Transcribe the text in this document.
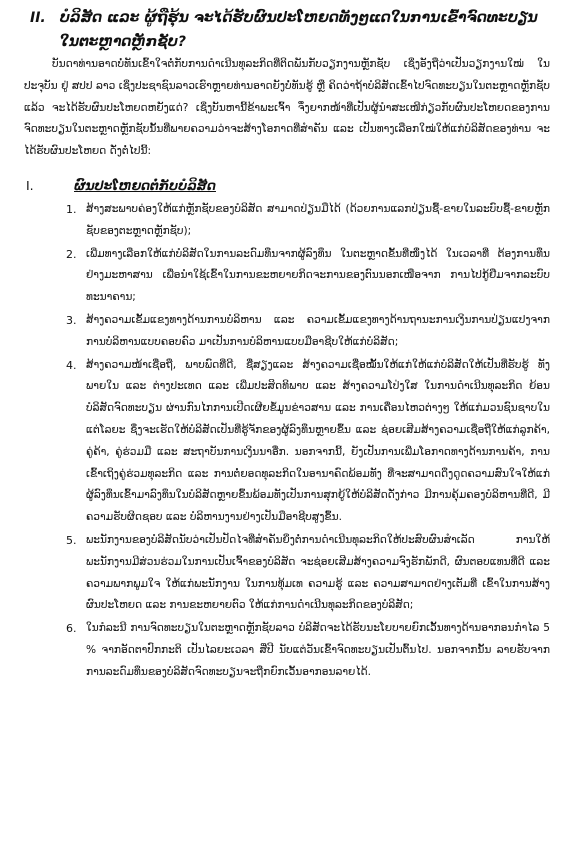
II. ບໍລິສັດ ແລະ ຜູ້ຖືຮຸ້ນ ຈະໄດ້ຮັບຜົນປະໂຫຍດທັງໆແດໃນການເຂົ້າຈົດທະບຽນໃນຕະຫຼາດຫຼັກຊັບ?

ບັນດາທ່ານອາດບໍ່ທັນເຂົ້າໃຈຕໍ່ກັບການດຳເນີນທຸລະກິດທີ່ຕິດພັນກັບວຽກງານຫຼັກຊັບ ເຊິ່ງອັງຖືວ່າເປັນວຽກງານໃໝ່ ໃນປະຈຸບັນ ຢູ່ ສປປ ລາວ ເຊິ່ງປະຊາຊົນລາວເຮົາຫຼາຍທ່ານອາດຍັງບໍ່ທັນຮູ້ ຫຼື ຄິດວ່າຖ້າບໍລິສັດເຂົ້າໄປຈົດທະບຽນໃນຕະຫຼາດຫຼັກຊັບແລ້ວ ຈະໄດ້ຮັບຜົນປະໂຫຍດຫຍັງແດ່? ເຊິ່ງບັນຫານີ້ຂ້າພະເຈົ້າ ຈຶ່ງຍາກໜ້າທີ່ເປັນຜູ້ນຳສະເໜີກ່ຽວກັບຜົນປະໂຫຍດຂອງການຈົດທະບຽນໃນຕະຫຼາດຫຼັກຊັບນັ້ນທີ່ພາຍຄວາມວ່າຈະສ້າງໂອກາດທີ່ສຳຄັນ ແລະ ເປັນທາງເລືອກໃໝ່ໃຫ້ແກ່ບໍລິສັດຂອງທ່ານ ຈະໄດ້ຮັບຜົນປະໂຫຍດ ດັ່ງຕໍ່ໄປນີ້:

I.	ຜົນປະໂຫຍດຕໍ່ກັບບໍລິສັດ
1. ສ້າງສະພາບຄ່ອງໃຫ້ແກ່ຫຼັກຊັບຂອງບໍລິສັດ ສາມາດປ່ຽນມືໄດ້ (ດ້ວຍການແລກປ່ຽນຊື້-ຂາຍໃນລະບົບຊື້-ຂາຍຫຼັກຊັບຂອງຕະຫຼາດຫຼັກຊັບ);
2. ເພີ່ມທາງເລືອກໃຫ້ແກ່ບໍລິສັດໃນການລະດົມທຶນຈາກຜູ້ລົງທຶນ ໃນຕະຫຼາດຂັ້ນທີ່ໜຶ່ງໄດ້ ໃນເວລາທີ່ ຕ້ອງການທຶນຢ່າງມະຫາສານ ເພື່ອນຳໃຊ້ເຂົ້າໃນການຂະຫຍາຍກິດຈະການຂອງຕົນນອກເໜືອຈາກ ການໄປກູ້ຢືມຈາກລະບົບທະນາຄານ;
3. ສ້າງຄວາມເຂັ້ມແຂງທາງດ້ານການບໍລິຫານ ແລະ ຄວາມເຂັ້ມແຂງທາງດ້ານຖານະການເງິນການປ່ຽນແປງຈາກການບໍລິຫານແບບຄອບຄົວ ມາເປັນການບໍລິຫານແບບມືອາຊີບໃຫ້ແກ່ບໍລິສັດ;
4. ສ້າງຄວາມໜ້າເຊື່ອຖື, ພາບພົດທີ່ດີ, ຊື່ສຽງແລະ ສ້າງຄວາມເຊື່ອໝັ້ນໃຫ້ແກ່ໃຫ້ແກ່ບໍລິສັດໃຫ້ເປັນທີ່ຮັບຮູ້ ທັງພາຍໃນ ແລະ ຕ່າງປະເທດ ແລະ ເພີ່ມປະສິດທິພາບ ແລະ ສ້າງຄວາມໂປ່ງໃສ ໃນການດຳເນີນທຸລະກິດ ຍ້ອນບໍລິສັດຈົດທະບຽນ ຜ່ານກົນໄກການເປີດເຜີຍຂໍ້ມູນຂ່າວສານ ແລະ ການເຄື່ອນໄຫວຕ່າງໆ ໃຫ້ແກ່ມວນຊົນຊາບໃນແຕ່ໂລຍະ ຊຶ່ງຈະເຮັດໃຫ້ບໍລິສັດເປັນທີ່ຮູ້ຈັກຂອງຜູ້ລົງທຶນຫຼາຍຂຶ້ນ ແລະ ຊ່ອຍເສີມສ້າງຄວາມເຊື່ອຖືໃຫ້ແກ່ລູກຄ້າ, ຄູ່ຄ້າ, ຄູ່ຮ່ວມມື ແລະ ສະຖາບັນການເງິນນາອື່ກ. ນອກຈາກນີ້, ຍັງເປັນການເພີ່ມໂອກາດທາງດ້ານການຄ້າ, ການເຂົ້າເຖິງຄູ່ຮ່ວມທຸລະກິດ ແລະ ການຕໍ່ຍອດທຸລະກິດໃນອານາຄົດພ້ອມທັງ ທີ່ຈະສາມາດດຶງດູດຄວາມສົນໃຈໃຫ້ແກ່ຜູ້ລົງທຶນເຂົ້າມາລົງທຶນໃນບໍລິສັດຫຼາຍຂຶ້ນພ້ອມທັງເປັນການສຸກຍູ້ໃຫ້ບໍລິສັດດັ່ງກ່າວ ມີການຄຸ້ມຄອງບໍລິຫານທີ່ດີ, ມີຄວາມຮັບຜິດຊອບ ແລະ ບໍລິຫານງານຢ່າງເປັນມືອາຊີບສູງຂຶ້ນ.
5. ພະນັກງານຂອງບໍລິສັດນັບວ່າເປັນປັດໄຈທີ່ສຳຄັນຍິ່ງຕໍ່ການດຳເນີນທຸລະກິດໃຫ້ປະສົບຜົນສຳເລັດ ການໃຫ້ພະນັກງານມີສ່ວນຮ່ວມໃນການເປັນເຈົ້າຂອງບໍລິສັດ ຈະຊ່ອຍເສີມສ້າງຄວາມຈົງຮັກພັກດີ, ຜົນຕອບແທນທີ່ດີ ແລະ ຄວາມພາກພູມໃຈ ໃຫ້ແກ່ພະນັກງານ ໃນການທຸ້ມເທ ຄວາມຮູ້ ແລະ ຄວາມສາມາດຢ່າງເຕັມທີ່ ເຂົ້າໃນການສ້າງຜົນປະໂຫຍດ ແລະ ການຂະຫຍາຍຕົວ ໃຫ້ແກ່ການດຳເນີນທຸລະກິດຂອງບໍລິສັດ;
6. ໃນກໍລະນີ ການຈົດທະບຽນໃນຕະຫຼາດຫຼັກຊັບລາວ ບໍລິສັດຈະໄດ້ຮັບນະໂຍບາຍຍົກເວັ້ນທາງດ້ານອາກອນກຳໄລ 5 % ຈາກອັດຕາປົກກະຕິ ເປັນໄລຍະເວລາ ສີ່ປີ ນັບແຕ່ວັນເຂົ້າຈົດທະບຽນເປັນຕົ້ນໄປ. ນອກຈາກນັ້ນ ລາຍຮັບຈາກການລະດົມທຶນຂອງບໍລິສັດຈົດທະບຽນຈະຖືກຍົກເວັ້ນອາກອນລາຍໄດ້.
